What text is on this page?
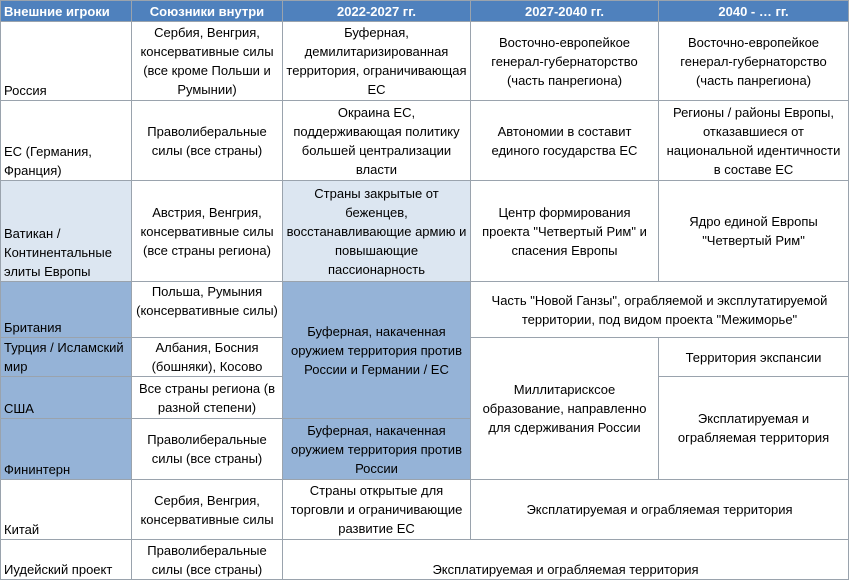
Внешние игроки	Союзники внутри	2022-2027 гг.	2027-2040 гг.	2040 - … гг.
Россия	Сербия, Венгрия, консервативные силы (все кроме Польши и Румынии)	Буферная, демилитаризированная территория, ограничивающая ЕС	Восточно-европейкое генерал-губернаторство (часть панрегиона)	Восточно-европейкое генерал-губернаторство (часть панрегиона)
ЕС (Германия, Франция)	Праволиберальные силы (все страны)	Окраина ЕС, поддерживающая политику большей централизации власти	Автономии в составит единого государства ЕС	Регионы / районы Европы, отказавшиеся от национальной идентичности в составе ЕС
Ватикан / Континентальные элиты Европы	Австрия, Венгрия, консервативные силы (все страны региона)	Страны закрытые от беженцев, восстанавливающие армию и повышающие пассионарность	Центр формирования проекта "Четвертый Рим" и спасения Европы	Ядро единой Европы "Четвертый Рим"
Британия	Польша, Румыния (консервативные силы)	Буферная, накаченная оружием территория против России и Германии / ЕС	Часть "Новой Ганзы", ограбляемой и эксплутатируемой территории, под видом проекта "Межиморье"	
Турция / Исламский мир	Албания, Босния (бошняки), Косово		Миллитарисксое образование, направленно для сдерживания России	Территория экспансии
США	Все страны региона (в разной степени)			Эксплатируемая и ограбляемая территория
Фининтерн	Праволиберальные силы (все страны)	Буферная, накаченная оружием территория против России		
Китай	Сербия, Венгрия, консервативные силы	Страны открытые для торговли и ограничивающие развитие ЕС	Эксплатируемая и ограбляемая территория	
Иудейский проект	Праволиберальные силы (все страны)	Эксплатируемая и ограбляемая территория		
